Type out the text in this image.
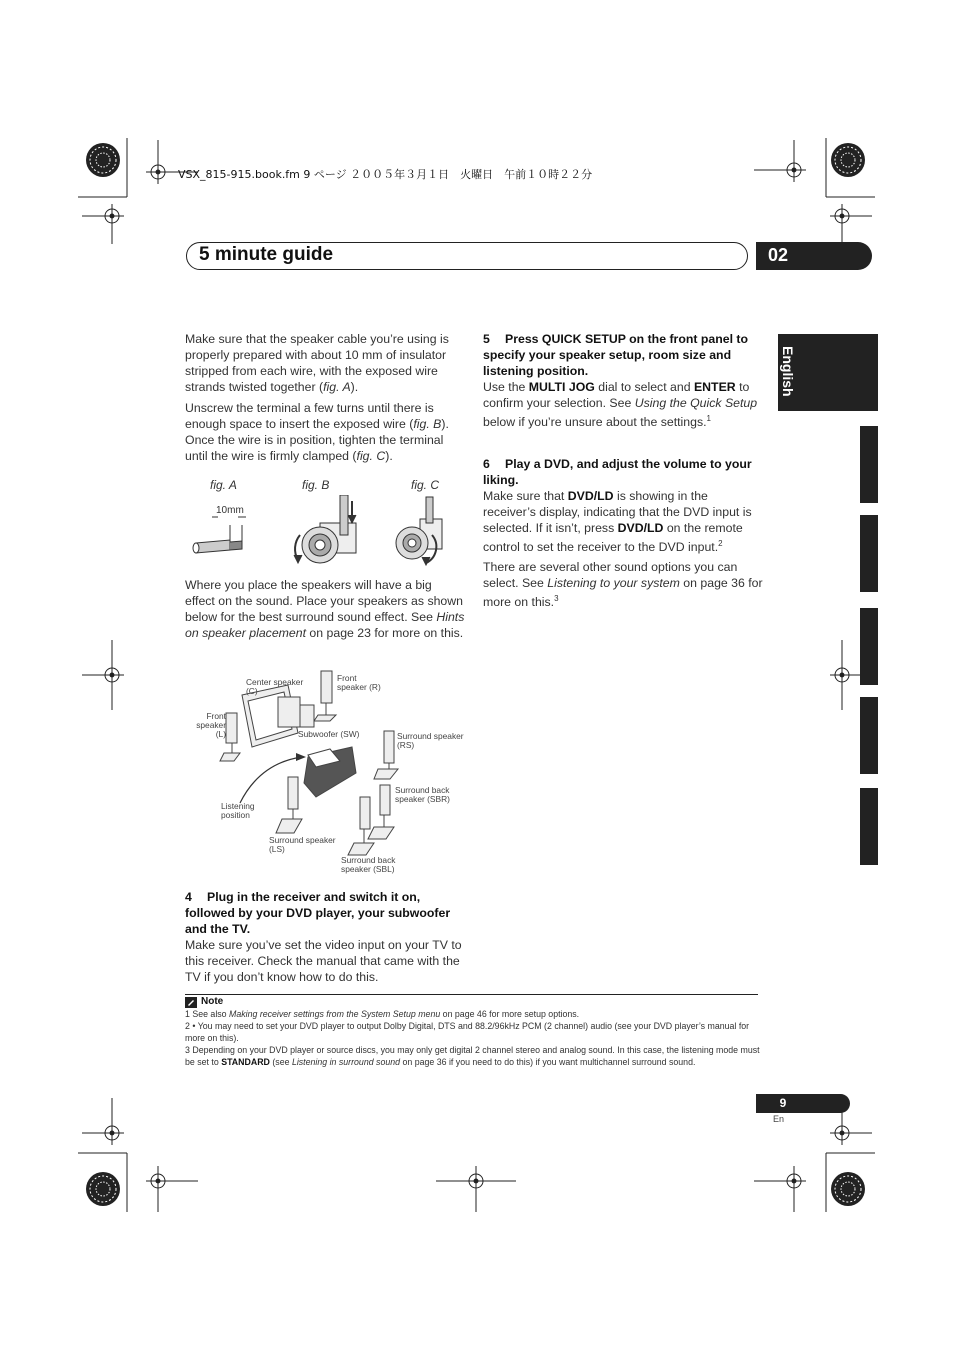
VSX_815-915.book.fm 9 ページ ２００５年３月１日　火曜日　午前１０時２２分
5 minute guide	02
English

Make sure that the speaker cable you’re using is properly prepared with about 10 mm of insulator stripped from each wire, with the exposed wire strands twisted together (fig. A).

Unscrew the terminal a few turns until there is enough space to insert the exposed wire (fig. B). Once the wire is in position, tighten the terminal until the wire is firmly clamped (fig. C).

fig. A	fig. B	fig. C
10mm

Where you place the speakers will have a big effect on the sound. Place your speakers as shown below for the best surround sound effect. See Hints on speaker placement on page 23 for more on this.

Center speaker (C)
Front speaker (R)
Front speaker (L)	Subwoofer (SW)	Surround speaker (RS)
Listening position
Surround back speaker (SBR)
Surround speaker (LS)
Surround back speaker (SBL)

4 Plug in the receiver and switch it on, followed by your DVD player, your subwoofer and the TV.

Make sure you’ve set the video input on your TV to this receiver. Check the manual that came with the TV if you don’t know how to do this.

5 Press QUICK SETUP on the front panel to specify your speaker setup, room size and listening position.

Use the MULTI JOG dial to select and ENTER to confirm your selection. See Using the Quick Setup below if you’re unsure about the settings.$^1$

6 Play a DVD, and adjust the volume to your liking.

Make sure that DVD/LD is showing in the receiver’s display, indicating that the DVD input is selected. If it isn’t, press DVD/LD on the remote control to set the receiver to the DVD input.$^2$

There are several other sound options you can select. See Listening to your system on page 36 for more on this.$^3$

Note
1 See also Making receiver settings from the System Setup menu on page 46 for more setup options.
2 • You may need to set your DVD player to output Dolby Digital, DTS and 88.2/96kHz PCM (2 channel) audio (see your DVD player’s manual for more on this).
3 Depending on your DVD player or source discs, you may only get digital 2 channel stereo and analog sound. In this case, the listening mode must be set to STANDARD (see Listening in surround sound on page 36 if you need to do this) if you want multichannel surround sound.
9
En
